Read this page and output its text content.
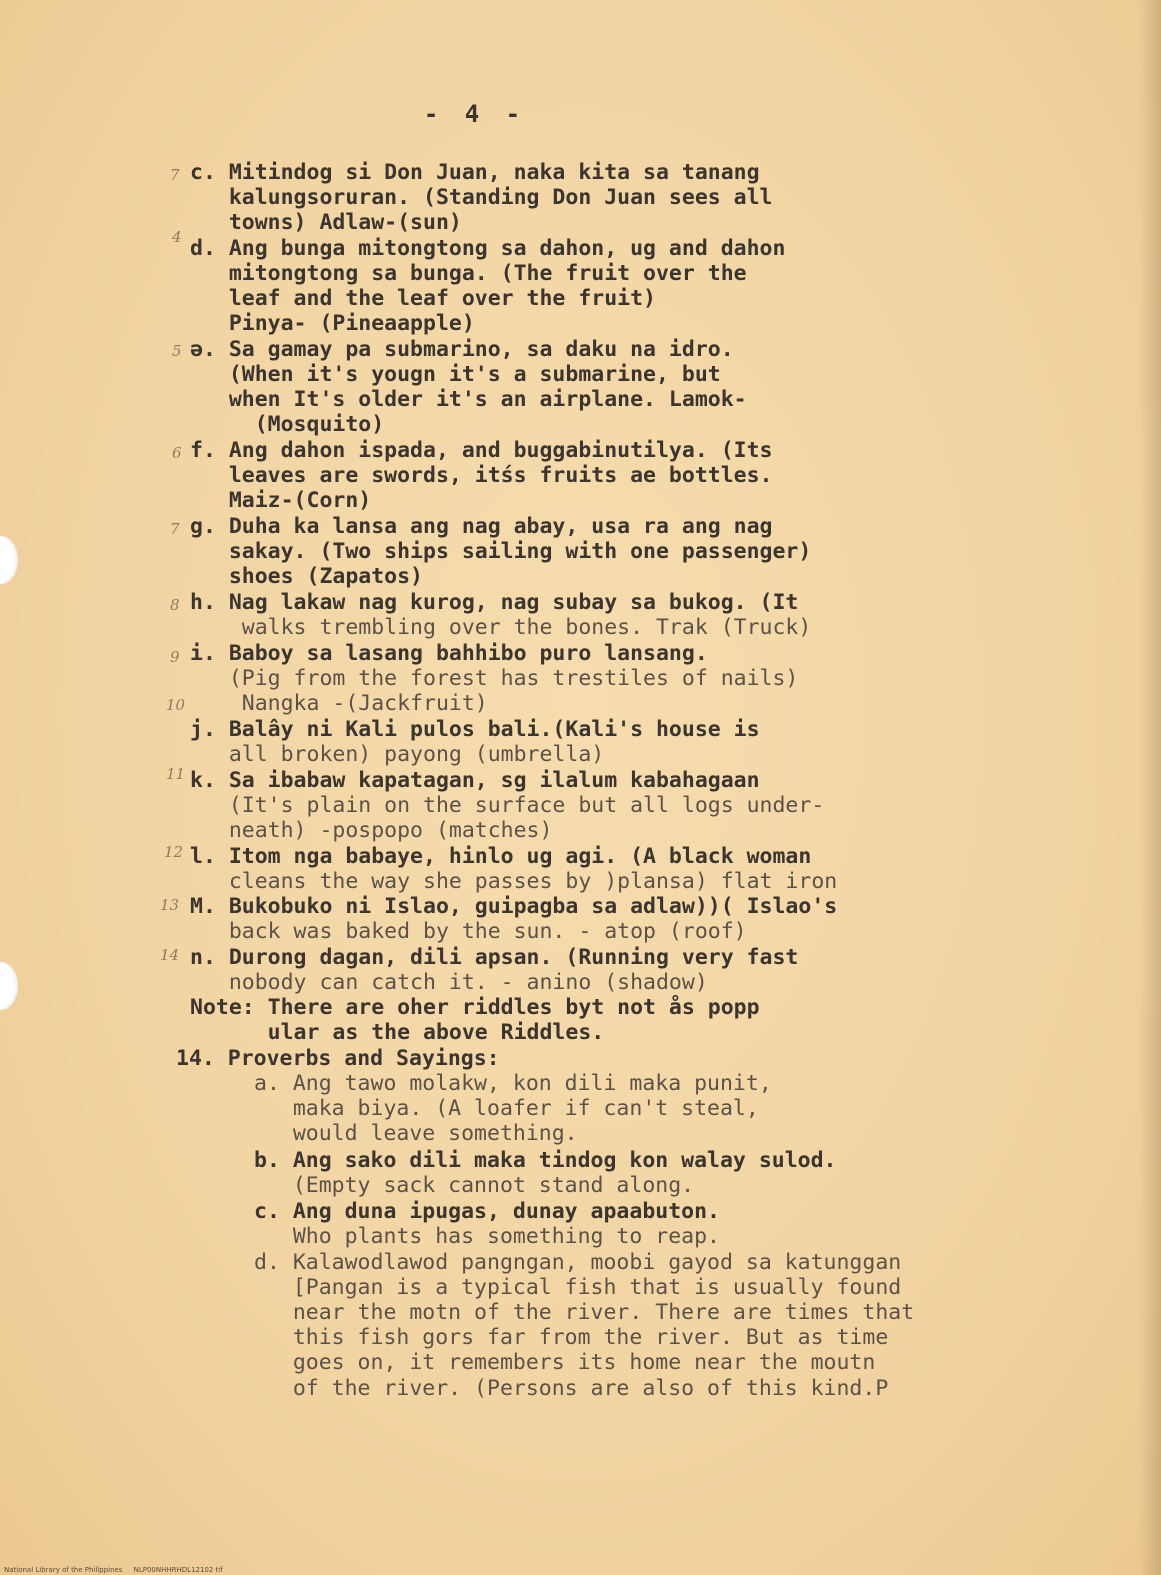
- 4 -
7
4
5
6
7
8
9
10
11
12
13
14
c. Mitindog si Don Juan, naka kita sa tanang
kalungsoruran. (Standing Don Juan sees all
towns) Adlaw-(sun)
d. Ang bunga mitongtong sa dahon, ug and dahon
mitongtong sa bunga. (The fruit over the
leaf and the leaf over the fruit)
Pinya- (Pineaapple)
ə. Sa gamay pa submarino, sa daku na idro.
(When it's yougn it's a submarine, but
when It's older it's an airplane. Lamok-
(Mosquito)
f. Ang dahon ispada, and buggabinutilya. (Its
leaves are swords, itśs fruits ae bottles.
Maiz-(Corn)
g. Duha ka lansa ang nag abay, usa ra ang nag
sakay. (Two ships sailing with one passenger)
shoes (Zapatos)
h. Nag lakaw nag kurog, nag subay sa bukog. (It
walks trembling over the bones. Trak (Truck)
i. Baboy sa lasang bahhibo puro lansang.
(Pig from the forest has trestiles of nails)
Nangka -(Jackfruit)
j. Balây ni Kali pulos bali.(Kali's house is
all broken) payong (umbrella)
k. Sa ibabaw kapatagan, sg ilalum kabahagaan
(It's plain on the surface but all logs under-
neath) -pospopo (matches)
l. Itom nga babaye, hinlo ug agi. (A black woman
cleans the way she passes by )plansa) flat iron
M. Bukobuko ni Islao, guipagba sa adlaw))( Islao's
back was baked by the sun. - atop (roof)
n. Durong dagan, dili apsan. (Running very fast
nobody can catch it. - anino (shadow)
Note: There are oher riddles byt not ås popp
ular as the above Riddles.
14. Proverbs and Sayings:
a. Ang tawo molakw, kon dili maka punit,
maka biya. (A loafer if can't steal,
would leave something.
b. Ang sako dili maka tindog kon walay sulod.
(Empty sack cannot stand along.
c. Ang duna ipugas, dunay apaabuton.
Who plants has something to reap.
d. Kalawodlawod pangngan, moobi gayod sa katunggan
[Pangan is a typical fish that is usually found
near the motn of the river. There are times that
this fish gors far from the river. But as time
goes on, it remembers its home near the moutn
of the river. (Persons are also of this kind.P
National Library of the Philippines     NLP00NHHRHDL12102 tif
